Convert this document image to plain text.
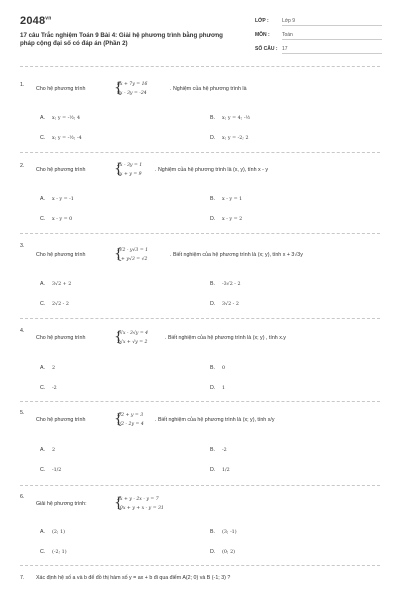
$2048^{vn}$
17 câu Trắc nghiệm Toán 9 Bài 4: Giải hệ phương trình bằng phương pháp cộng đại số có đáp án (Phần 2)
LỚP :	Lớp 9
MÔN : Toán
SỐ CÂU : 17
1.
Cho hệ phương trình {
8x + 7y = 16
8x - 3y = -24
. Nghiệm của hệ phương trình là
A. x; y = -½; 4	B. x; y = 4; -½
C. x; y = -½; -4	D. x; y = -2; 2
2.
Cho hệ phương trình {
2x - 3y = 1
4x + y = 9
. Nghiệm của hệ phương trình là (x, y), tính x - y
A. x - y = -1	B. x - y = 1
C. x - y = 0	D. x - y = 2
3.
Cho hệ phương trình {
x√2 - y√3 = 1
x + y√3 = √2
. Biết nghiệm của hệ phương trình là (x; y), tính x + 3√3y
A. 3√2 + 2	B. -3√2 - 2
C. 2√2 - 2	D. 3√2 - 2
4.
Cho hệ phương trình {
4√x - 3√y = 4
2√x + √y = 2
. Biết nghiệm của hệ phương trình là (x; y) , tính x.y
A. 2	B. 0
C. -2	D. 1
5.
Cho hệ phương trình {
x/2 + y = 3
x/2 - 2y = 4
. Biết nghiệm của hệ phương trình là (x; y), tính x/y
A. 2	B. -2
C. -1/2	D. 1/2
6.
Giải hệ phương trình: {
3x + y - 2x - y = 7
10x + y + x - y = 31
A. (2; 1)	B. (3; -1)
C. (-2; 1)	D. (0; 2)
7. Xác định hệ số a và b để đồ thị hàm số y = ax + b đi qua điểm A(2; 0) và B (-1; 3) ?
